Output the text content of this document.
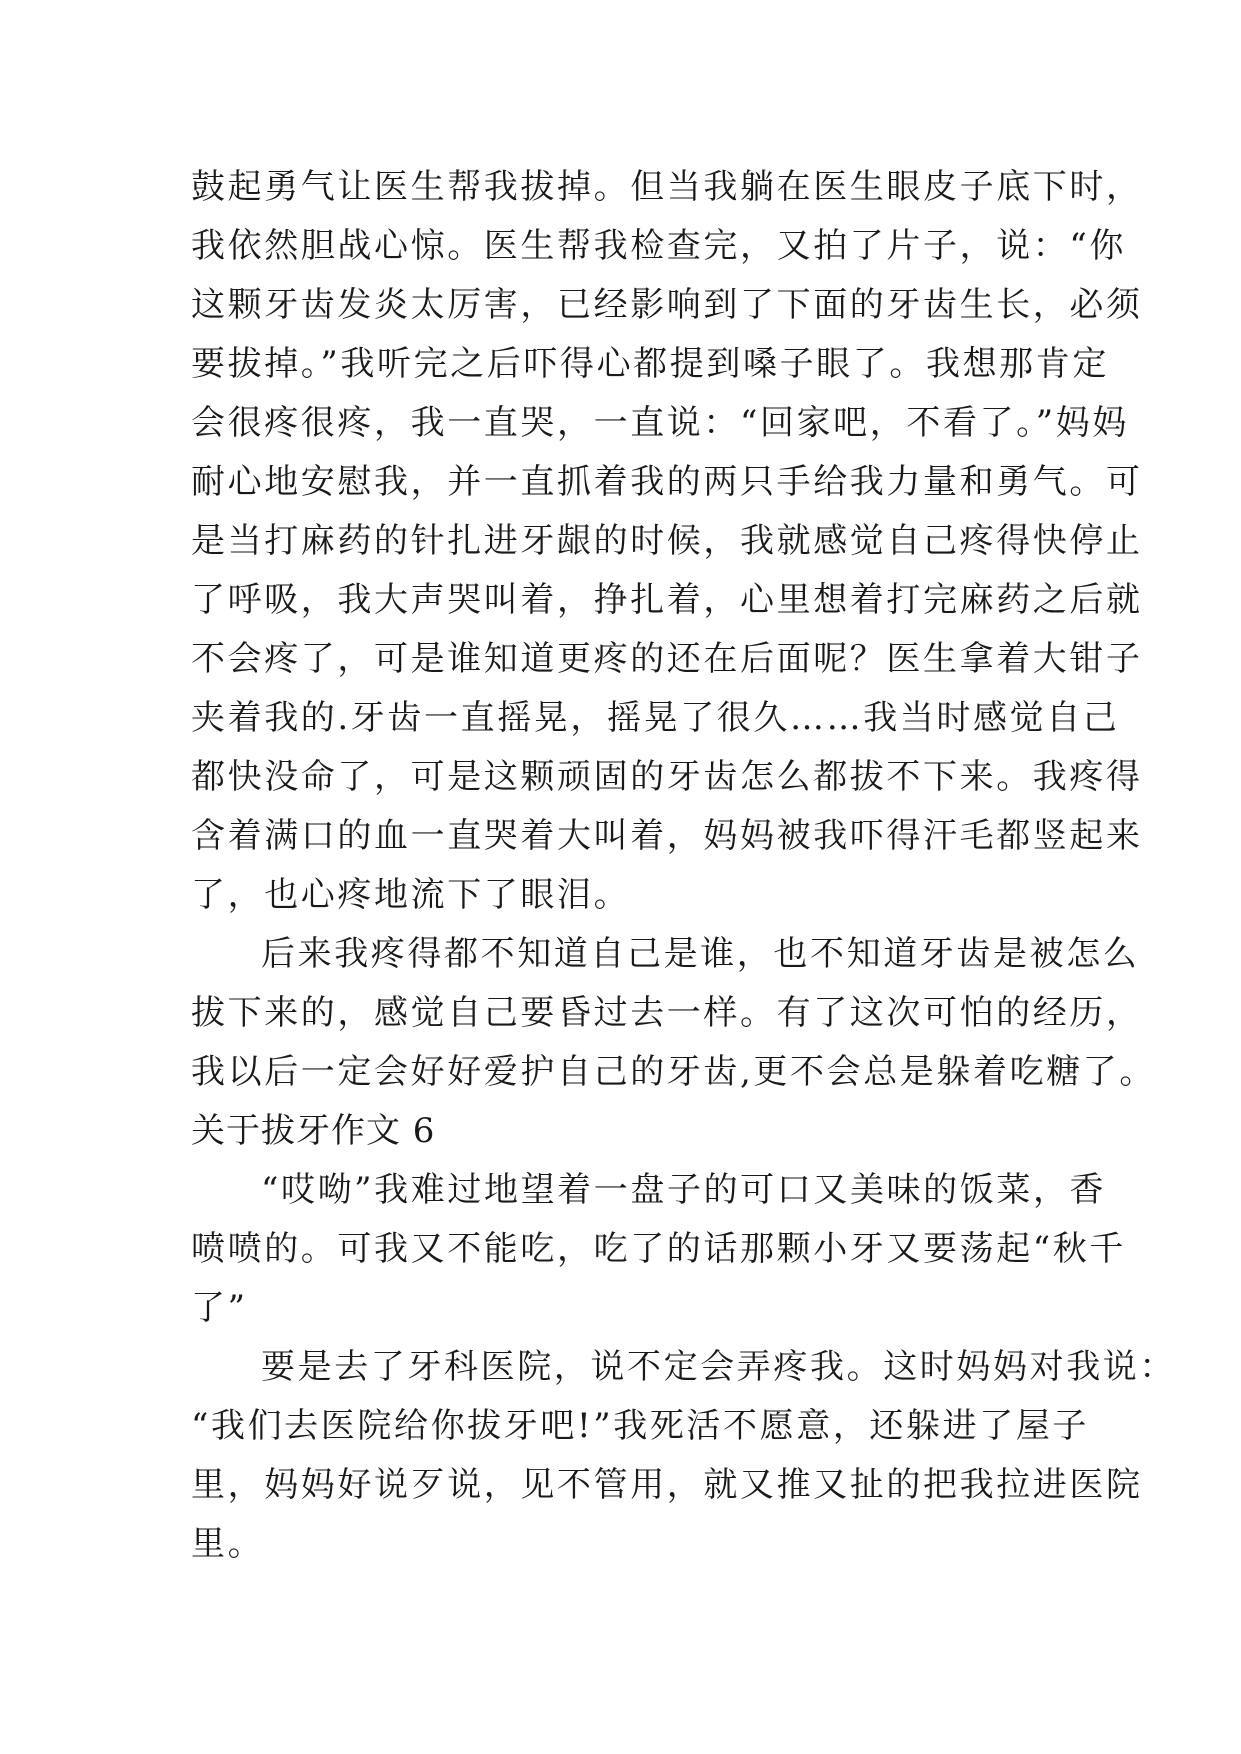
鼓起勇气让医生帮我拔掉。但当我躺在医生眼皮子底下时，
我依然胆战心惊。医生帮我检查完，又拍了片子，说：“你
这颗牙齿发炎太厉害，已经影响到了下面的牙齿生长，必须
要拔掉。”我听完之后吓得心都提到嗓子眼了。我想那肯定
会很疼很疼，我一直哭，一直说：“回家吧，不看了。”妈妈
耐心地安慰我，并一直抓着我的两只手给我力量和勇气。可
是当打麻药的针扎进牙龈的时候，我就感觉自己疼得快停止
了呼吸，我大声哭叫着，挣扎着，心里想着打完麻药之后就
不会疼了，可是谁知道更疼的还在后面呢？医生拿着大钳子
夹着我的.牙齿一直摇晃，摇晃了很久……我当时感觉自己
都快没命了，可是这颗顽固的牙齿怎么都拔不下来。我疼得
含着满口的血一直哭着大叫着，妈妈被我吓得汗毛都竖起来
了，也心疼地流下了眼泪。
后来我疼得都不知道自己是谁，也不知道牙齿是被怎么
拔下来的，感觉自己要昏过去一样。有了这次可怕的经历，
我以后一定会好好爱护自己的牙齿,更不会总是躲着吃糖了。
关于拔牙作文 6
“哎呦”我难过地望着一盘子的可口又美味的饭菜，香
喷喷的。可我又不能吃，吃了的话那颗小牙又要荡起“秋千
了”
要是去了牙科医院，说不定会弄疼我。这时妈妈对我说：
“我们去医院给你拔牙吧!”我死活不愿意，还躲进了屋子
里，妈妈好说歹说，见不管用，就又推又扯的把我拉进医院
里。
